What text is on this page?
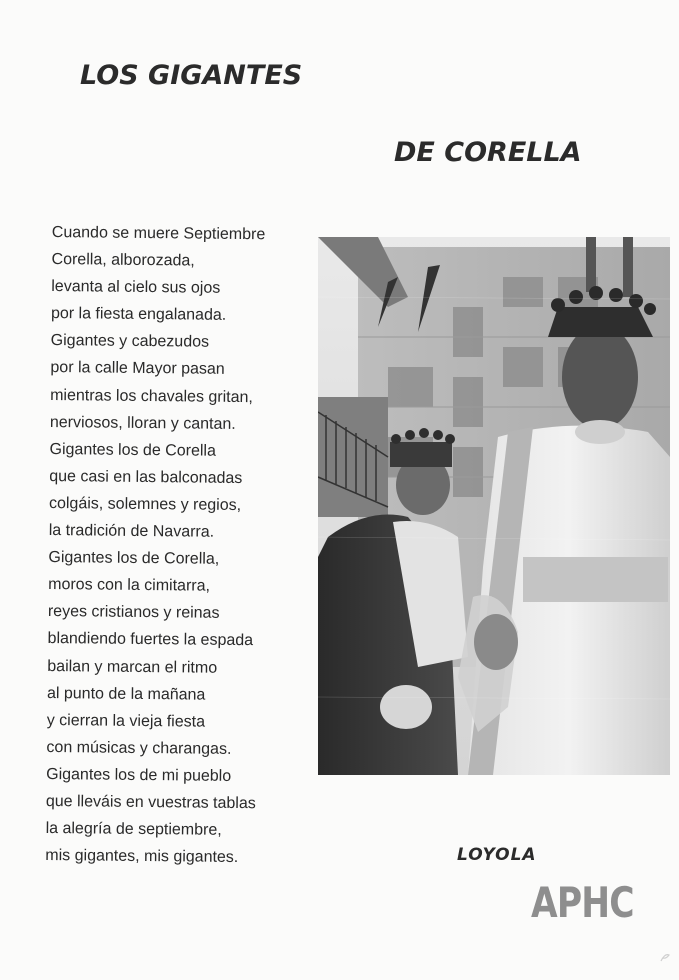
LOS GIGANTES
DE CORELLA
Cuando se muere Septiembre
Corella, alborozada,
levanta al cielo sus ojos
por la fiesta engalanada.
Gigantes y cabezudos
por la calle Mayor pasan
mientras los chavales gritan,
nerviosos, lloran y cantan.
Gigantes los de Corella
que casi en las balconadas
colgáis, solemnes y regios,
la tradición de Navarra.
Gigantes los de Corella,
moros con la cimitarra,
reyes cristianos y reinas
blandiendo fuertes la espada
bailan y marcan el ritmo
al punto de la mañana
y cierran la vieja fiesta
con músicas y charangas.
Gigantes los de mi pueblo
que lleváis en vuestras tablas
la alegría de septiembre,
mis gigantes, mis gigantes.	LOYOLA

APHC
